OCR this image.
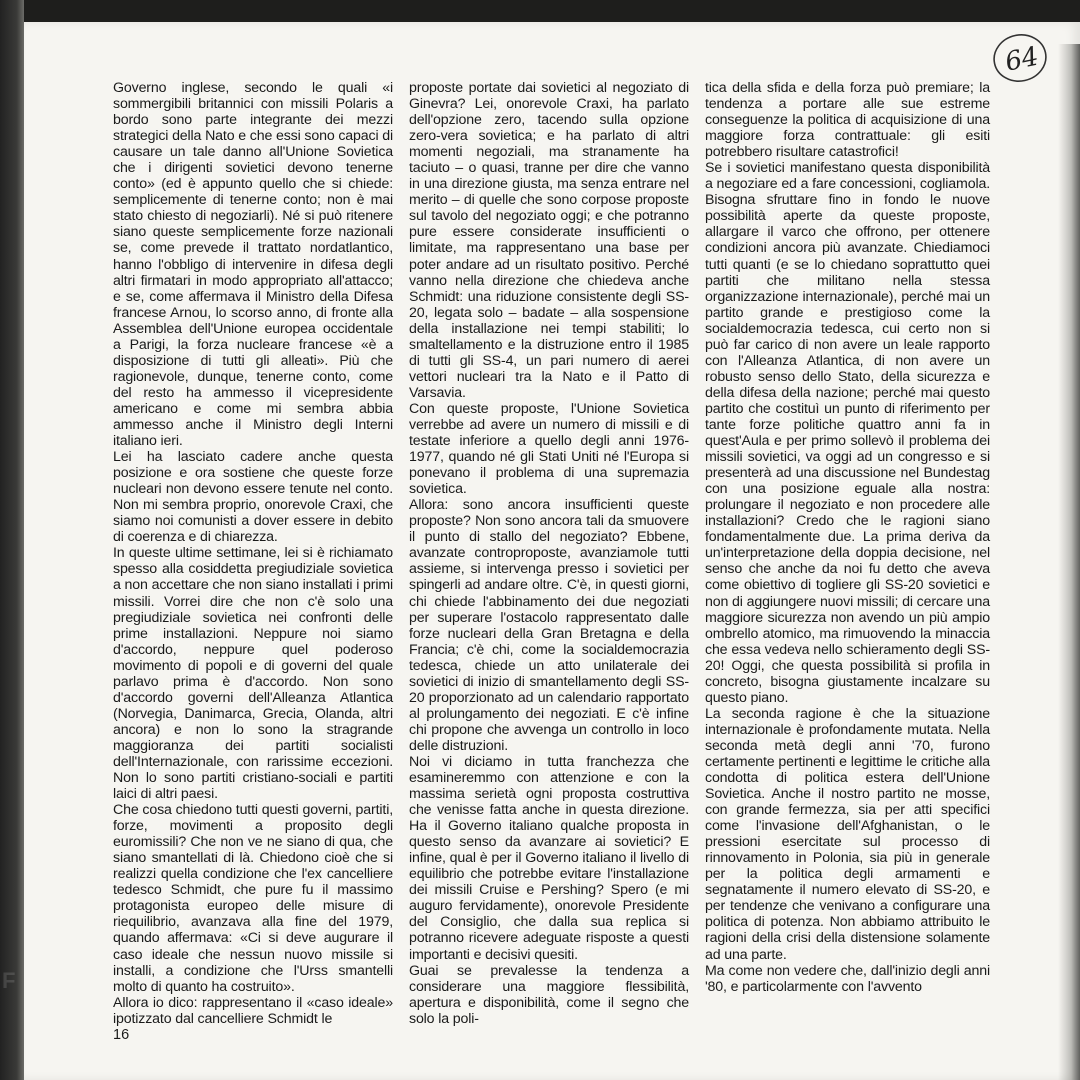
F
64

Governo inglese, secondo le quali «i sommergibili britannici con missili Polaris a bordo sono parte integrante dei mezzi strategici della Nato e che essi sono capaci di causare un tale danno all'Unione Sovietica che i dirigenti sovietici devono tenerne conto» (ed è appunto quello che si chiede: semplicemente di tenerne conto; non è mai stato chiesto di negoziarli). Né si può ritenere siano queste semplicemente forze nazionali se, come prevede il trattato nordatlantico, hanno l'obbligo di intervenire in difesa degli altri firmatari in modo appropriato all'attacco; e se, come affermava il Ministro della Difesa francese Arnou, lo scorso anno, di fronte alla Assemblea dell'Unione europea occidentale a Parigi, la forza nucleare francese «è a disposizione di tutti gli alleati». Più che ragionevole, dunque, tenerne conto, come del resto ha ammesso il vicepresidente americano e come mi sembra abbia ammesso anche il Ministro degli Interni italiano ieri.

Lei ha lasciato cadere anche questa posizione e ora sostiene che queste forze nucleari non devono essere tenute nel conto. Non mi sembra proprio, onorevole Craxi, che siamo noi comunisti a dover essere in debito di coerenza e di chiarezza.

In queste ultime settimane, lei si è richiamato spesso alla cosiddetta pregiudiziale sovietica a non accettare che non siano installati i primi missili. Vorrei dire che non c'è solo una pregiudiziale sovietica nei confronti delle prime installazioni. Neppure noi siamo d'accordo, neppure quel poderoso movimento di popoli e di governi del quale parlavo prima è d'accordo. Non sono d'accordo governi dell'Alleanza Atlantica (Norvegia, Danimarca, Grecia, Olanda, altri ancora) e non lo sono la stragrande maggioranza dei partiti socialisti dell'Internazionale, con rarissime eccezioni. Non lo sono partiti cristiano-sociali e partiti laici di altri paesi.

Che cosa chiedono tutti questi governi, partiti, forze, movimenti a proposito degli euromissili? Che non ve ne siano di qua, che siano smantellati di là. Chiedono cioè che si realizzi quella condizione che l'ex cancelliere tedesco Schmidt, che pure fu il massimo protagonista europeo delle misure di riequilibrio, avanzava alla fine del 1979, quando affermava: «Ci si deve augurare il caso ideale che nessun nuovo missile si installi, a condizione che l'Urss smantelli molto di quanto ha costruito».

Allora io dico: rappresentano il «caso ideale» ipotizzato dal cancelliere Schmidt le

proposte portate dai sovietici al negoziato di Ginevra? Lei, onorevole Craxi, ha parlato dell'opzione zero, tacendo sulla opzione zero-vera sovietica; e ha parlato di altri momenti negoziali, ma stranamente ha taciuto – o quasi, tranne per dire che vanno in una direzione giusta, ma senza entrare nel merito – di quelle che sono corpose proposte sul tavolo del negoziato oggi; e che potranno pure essere considerate insufficienti o limitate, ma rappresentano una base per poter andare ad un risultato positivo. Perché vanno nella direzione che chiedeva anche Schmidt: una riduzione consistente degli SS-20, legata solo – badate – alla sospensione della installazione nei tempi stabiliti; lo smaltellamento e la distruzione entro il 1985 di tutti gli SS-4, un pari numero di aerei vettori nucleari tra la Nato e il Patto di Varsavia.

Con queste proposte, l'Unione Sovietica verrebbe ad avere un numero di missili e di testate inferiore a quello degli anni 1976-1977, quando né gli Stati Uniti né l'Europa si ponevano il problema di una supremazia sovietica.

Allora: sono ancora insufficienti queste proposte? Non sono ancora tali da smuovere il punto di stallo del negoziato? Ebbene, avanzate controproposte, avanziamole tutti assieme, si intervenga presso i sovietici per spingerli ad andare oltre. C'è, in questi giorni, chi chiede l'abbinamento dei due negoziati per superare l'ostacolo rappresentato dalle forze nucleari della Gran Bretagna e della Francia; c'è chi, come la socialdemocrazia tedesca, chiede un atto unilaterale dei sovietici di inizio di smantellamento degli SS-20 proporzionato ad un calendario rapportato al prolungamento dei negoziati. E c'è infine chi propone che avvenga un controllo in loco delle distruzioni.

Noi vi diciamo in tutta franchezza che esamineremmo con attenzione e con la massima serietà ogni proposta costruttiva che venisse fatta anche in questa direzione. Ha il Governo italiano qualche proposta in questo senso da avanzare ai sovietici? E infine, qual è per il Governo italiano il livello di equilibrio che potrebbe evitare l'installazione dei missili Cruise e Pershing? Spero (e mi auguro fervidamente), onorevole Presidente del Consiglio, che dalla sua replica si potranno ricevere adeguate risposte a questi importanti e decisivi quesiti.

Guai se prevalesse la tendenza a considerare una maggiore flessibilità, apertura e disponibilità, come il segno che solo la poli-

tica della sfida e della forza può premiare; la tendenza a portare alle sue estreme conseguenze la politica di acquisizione di una maggiore forza contrattuale: gli esiti potrebbero risultare catastrofici!

Se i sovietici manifestano questa disponibilità a negoziare ed a fare concessioni, cogliamola. Bisogna sfruttare fino in fondo le nuove possibilità aperte da queste proposte, allargare il varco che offrono, per ottenere condizioni ancora più avanzate. Chiediamoci tutti quanti (e se lo chiedano soprattutto quei partiti che militano nella stessa organizzazione internazionale), perché mai un partito grande e prestigioso come la socialdemocrazia tedesca, cui certo non si può far carico di non avere un leale rapporto con l'Alleanza Atlantica, di non avere un robusto senso dello Stato, della sicurezza e della difesa della nazione; perché mai questo partito che costituì un punto di riferimento per tante forze politiche quattro anni fa in quest'Aula e per primo sollevò il problema dei missili sovietici, va oggi ad un congresso e si presenterà ad una discussione nel Bundestag con una posizione eguale alla nostra: prolungare il negoziato e non procedere alle installazioni? Credo che le ragioni siano fondamentalmente due. La prima deriva da un'interpretazione della doppia decisione, nel senso che anche da noi fu detto che aveva come obiettivo di togliere gli SS-20 sovietici e non di aggiungere nuovi missili; di cercare una maggiore sicurezza non avendo un più ampio ombrello atomico, ma rimuovendo la minaccia che essa vedeva nello schieramento degli SS-20! Oggi, che questa possibilità si profila in concreto, bisogna giustamente incalzare su questo piano.

La seconda ragione è che la situazione internazionale è profondamente mutata. Nella seconda metà degli anni '70, furono certamente pertinenti e legittime le critiche alla condotta di politica estera dell'Unione Sovietica. Anche il nostro partito ne mosse, con grande fermezza, sia per atti specifici come l'invasione dell'Afghanistan, o le pressioni esercitate sul processo di rinnovamento in Polonia, sia più in generale per la politica degli armamenti e segnatamente il numero elevato di SS-20, e per tendenze che venivano a configurare una politica di potenza. Non abbiamo attribuito le ragioni della crisi della distensione solamente ad una parte.

Ma come non vedere che, dall'inizio degli anni '80, e particolarmente con l'avvento

16
